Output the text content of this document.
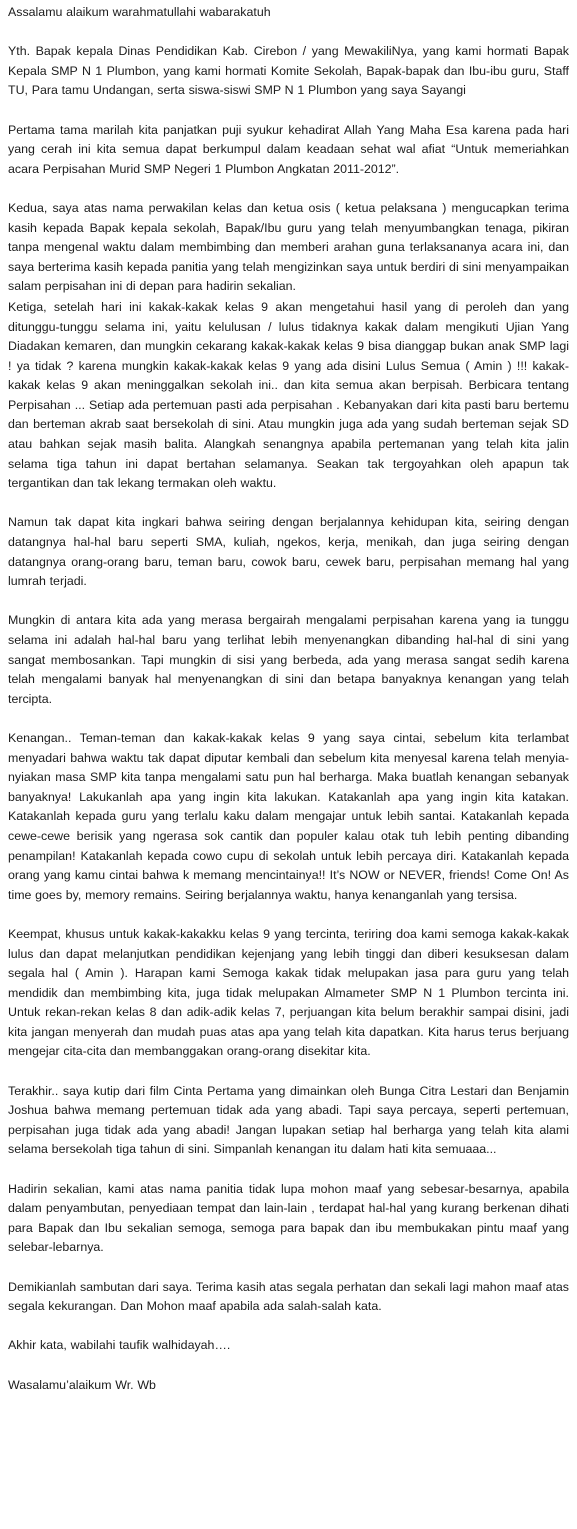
Assalamu alaikum warahmatullahi wabarakatuh

Yth. Bapak kepala Dinas Pendidikan Kab. Cirebon / yang MewakiliNya, yang kami hormati Bapak Kepala SMP N 1 Plumbon, yang kami hormati Komite Sekolah, Bapak-bapak dan Ibu-ibu guru, Staff TU, Para tamu Undangan, serta siswa-siswi SMP N 1 Plumbon yang saya Sayangi

Pertama tama marilah kita panjatkan puji syukur kehadirat Allah Yang Maha Esa karena pada hari yang cerah ini kita semua dapat berkumpul dalam keadaan sehat wal afiat “Untuk memeriahkan acara Perpisahan Murid SMP Negeri 1 Plumbon Angkatan 2011-2012”.

Kedua, saya atas nama perwakilan kelas dan ketua osis ( ketua pelaksana ) mengucapkan terima kasih kepada Bapak kepala sekolah, Bapak/Ibu guru yang telah menyumbangkan tenaga, pikiran tanpa mengenal waktu dalam membimbing dan memberi arahan guna terlaksananya acara ini, dan saya berterima kasih kepada panitia yang telah mengizinkan saya untuk berdiri di sini menyampaikan salam perpisahan ini di depan para hadirin sekalian.

Ketiga, setelah hari ini kakak-kakak kelas 9 akan mengetahui hasil yang di peroleh dan yang ditunggu-tunggu selama ini, yaitu kelulusan / lulus tidaknya kakak dalam mengikuti Ujian Yang Diadakan kemaren, dan mungkin cekarang kakak-kakak kelas 9 bisa dianggap bukan anak SMP lagi ! ya tidak ? karena mungkin kakak-kakak kelas 9 yang ada disini Lulus Semua ( Amin ) !!! kakak-kakak kelas 9 akan meninggalkan sekolah ini.. dan kita semua akan berpisah. Berbicara tentang Perpisahan ... Setiap ada pertemuan pasti ada perpisahan . Kebanyakan dari kita pasti baru bertemu dan berteman akrab saat bersekolah di sini. Atau mungkin juga ada yang sudah berteman sejak SD atau bahkan sejak masih balita. Alangkah senangnya apabila pertemanan yang telah kita jalin selama tiga tahun ini dapat bertahan selamanya. Seakan tak tergoyahkan oleh apapun tak tergantikan dan tak lekang termakan oleh waktu.

Namun tak dapat kita ingkari bahwa seiring dengan berjalannya kehidupan kita, seiring dengan datangnya hal-hal baru seperti SMA, kuliah, ngekos, kerja, menikah, dan juga seiring dengan datangnya orang-orang baru, teman baru, cowok baru, cewek baru, perpisahan memang hal yang lumrah terjadi.

Mungkin di antara kita ada yang merasa bergairah mengalami perpisahan karena yang ia tunggu selama ini adalah hal-hal baru yang terlihat lebih menyenangkan dibanding hal-hal di sini yang sangat membosankan. Tapi mungkin di sisi yang berbeda, ada yang merasa sangat sedih karena telah mengalami banyak hal menyenangkan di sini dan betapa banyaknya kenangan yang telah tercipta.

Kenangan.. Teman-teman dan kakak-kakak kelas 9 yang saya cintai, sebelum kita terlambat menyadari bahwa waktu tak dapat diputar kembali dan sebelum kita menyesal karena telah menyia-nyiakan masa SMP kita tanpa mengalami satu pun hal berharga. Maka buatlah kenangan sebanyak banyaknya! Lakukanlah apa yang ingin kita lakukan. Katakanlah apa yang ingin kita katakan. Katakanlah kepada guru yang terlalu kaku dalam mengajar untuk lebih santai. Katakanlah kepada cewe-cewe berisik yang ngerasa sok cantik dan populer kalau otak tuh lebih penting dibanding penampilan! Katakanlah kepada cowo cupu di sekolah untuk lebih percaya diri. Katakanlah kepada orang yang kamu cintai bahwa k memang mencintainya!! It’s NOW or NEVER, friends! Come On! As time goes by, memory remains. Seiring berjalannya waktu, hanya kenanganlah yang tersisa.

Keempat, khusus untuk kakak-kakakku kelas 9 yang tercinta, teriring doa kami semoga kakak-kakak lulus dan dapat melanjutkan pendidikan kejenjang yang lebih tinggi dan diberi kesuksesan dalam segala hal ( Amin ). Harapan kami Semoga kakak tidak melupakan jasa para guru yang telah mendidik dan membimbing kita, juga tidak melupakan Almameter SMP N 1 Plumbon tercinta ini. Untuk rekan-rekan kelas 8 dan adik-adik kelas 7, perjuangan kita belum berakhir sampai disini, jadi kita jangan menyerah dan mudah puas atas apa yang telah kita dapatkan. Kita harus terus berjuang mengejar cita-cita dan membanggakan orang-orang disekitar kita.

Terakhir.. saya kutip dari film Cinta Pertama yang dimainkan oleh Bunga Citra Lestari dan Benjamin Joshua bahwa memang pertemuan tidak ada yang abadi. Tapi saya percaya, seperti pertemuan, perpisahan juga tidak ada yang abadi! Jangan lupakan setiap hal berharga yang telah kita alami selama bersekolah tiga tahun di sini. Simpanlah kenangan itu dalam hati kita semuaaa...

Hadirin sekalian, kami atas nama panitia tidak lupa mohon maaf yang sebesar-besarnya, apabila dalam penyambutan, penyediaan tempat dan lain-lain , terdapat hal-hal yang kurang berkenan dihati para Bapak dan Ibu sekalian semoga, semoga para bapak dan ibu membukakan pintu maaf yang selebar-lebarnya.

Demikianlah sambutan dari saya. Terima kasih atas segala perhatan dan sekali lagi mahon maaf atas segala kekurangan. Dan Mohon maaf apabila ada salah-salah kata.

Akhir kata, wabilahi taufik walhidayah….

Wasalamu’alaikum Wr. Wb
